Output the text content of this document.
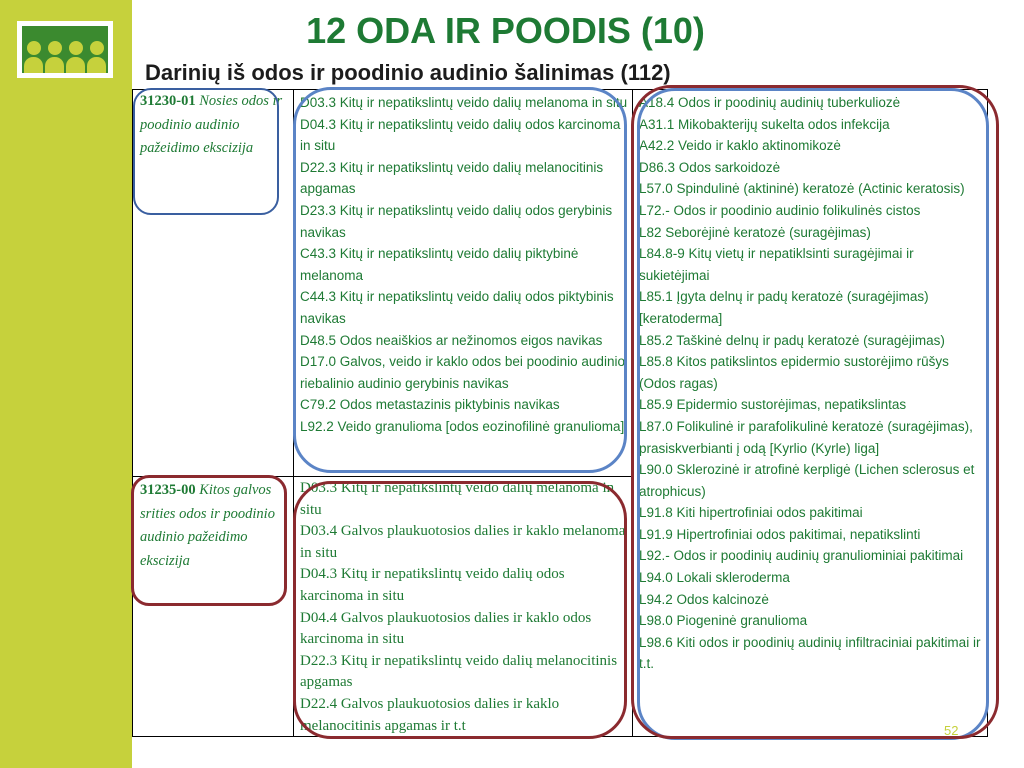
12 ODA IR POODIS (10)
Darinių iš odos ir poodinio audinio šalinimas (112)
31230-01 Nosies odos ir poodinio audinio pažeidimo ekscizija
31235-00 Kitos galvos srities odos ir poodinio audinio pažeidimo ekscizija

D03.3 Kitų ir nepatikslintų veido dalių melanoma in situ

D04.3 Kitų ir nepatikslintų veido dalių odos karcinoma in situ

D22.3 Kitų ir nepatikslintų veido dalių melanocitinis apgamas

D23.3 Kitų ir nepatikslintų veido dalių odos gerybinis navikas

C43.3 Kitų ir nepatikslintų veido dalių piktybinė melanoma

C44.3 Kitų ir nepatikslintų veido dalių odos piktybinis navikas

D48.5 Odos neaiškios ar nežinomos eigos navikas

D17.0 Galvos, veido ir kaklo odos bei poodinio audinio riebalinio audinio gerybinis navikas

C79.2 Odos metastazinis piktybinis navikas

L92.2 Veido granulioma [odos eozinofilinė granulioma]

D03.3 Kitų ir nepatikslintų veido dalių melanoma in situ

D03.4 Galvos plaukuotosios dalies ir kaklo melanoma in situ

D04.3 Kitų ir nepatikslintų veido dalių odos karcinoma in situ

D04.4 Galvos plaukuotosios dalies ir kaklo odos karcinoma in situ

D22.3 Kitų ir nepatikslintų veido dalių melanocitinis apgamas

D22.4 Galvos plaukuotosios dalies ir kaklo melanocitinis apgamas ir t.t

A18.4 Odos ir poodinių audinių tuberkuliozė

A31.1 Mikobakterijų sukelta odos infekcija

A42.2 Veido ir kaklo aktinomikozė

D86.3 Odos sarkoidozė

L57.0 Spindulinė (aktininė) keratozė (Actinic keratosis)

L72.- Odos ir poodinio audinio folikulinės cistos

L82 Seborėjinė keratozė (suragėjimas)

L84.8-9 Kitų vietų ir nepatiklsinti suragėjimai ir sukietėjimai

L85.1 Įgyta delnų ir padų keratozė (suragėjimas) [keratoderma]

L85.2 Taškinė delnų ir padų keratozė (suragėjimas)

L85.8 Kitos patikslintos epidermio sustorėjimo rūšys (Odos ragas)

L85.9 Epidermio sustorėjimas, nepatikslintas

L87.0 Folikulinė ir parafolikulinė keratozė (suragėjimas), prasiskverbianti į odą [Kyrlio (Kyrle) liga]

L90.0 Sklerozinė ir atrofinė kerpligė (Lichen sclerosus et atrophicus)

L91.8 Kiti hipertrofiniai odos pakitimai

L91.9 Hipertrofiniai odos pakitimai, nepatikslinti

L92.- Odos ir poodinių audinių granuliominiai pakitimai

L94.0 Lokali skleroderma

L94.2 Odos kalcinozė

L98.0 Piogeninė granulioma

L98.6 Kiti odos ir poodinių audinių infiltraciniai pakitimai ir t.t.

52
